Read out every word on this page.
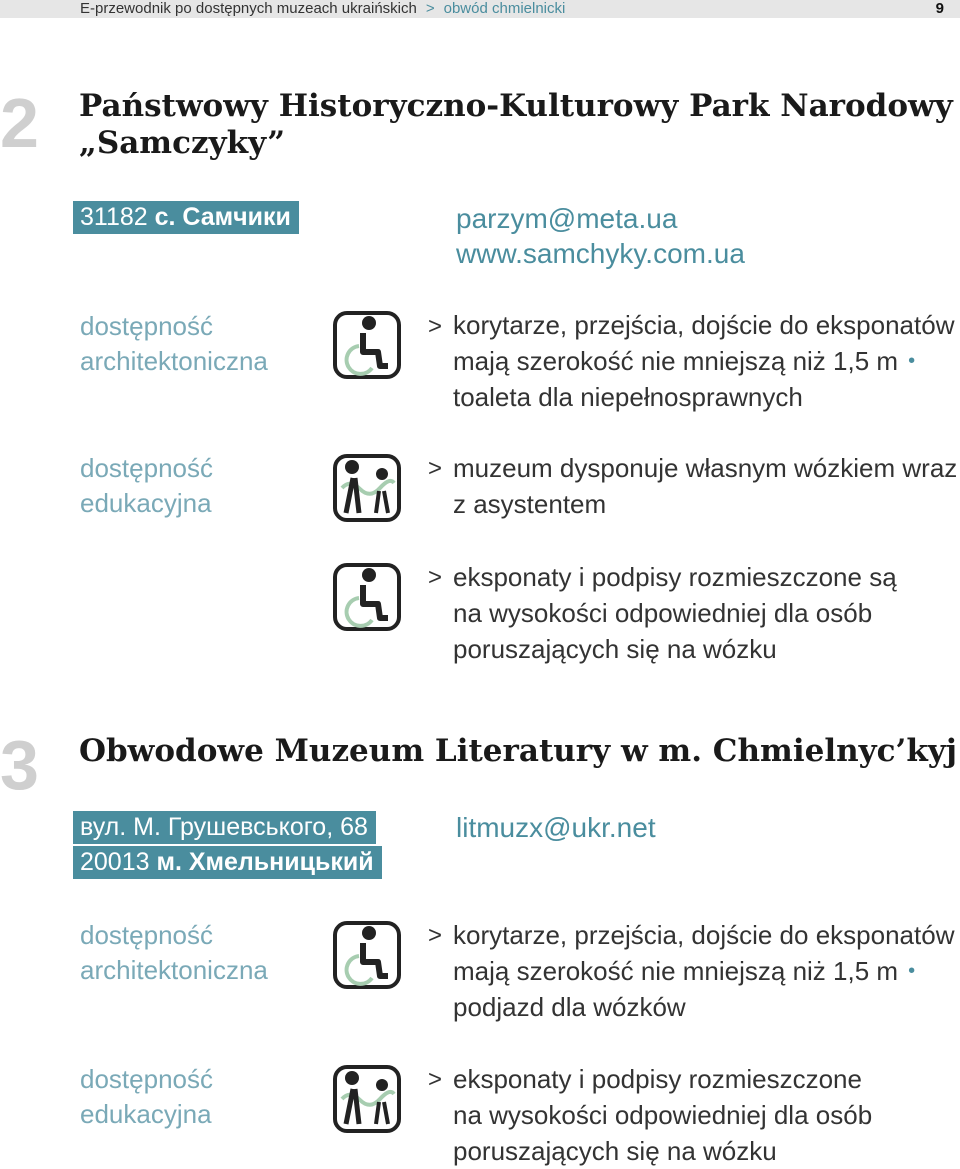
E-przewodnik po dostępnych muzeach ukraińskich > obwód chmielnicki	9
2 Państwowy Historyczno-Kulturowy Park Narodowy
„Samczyky”
31182 с. Самчики	parzym@meta.ua
www.samchyky.com.ua
dostępność
architektoniczna
> korytarze, przejścia, dojście do eksponatów
mają szerokość nie mniejszą niż 1,5 m •
toaleta dla niepełnosprawnych
dostępność
edukacyjna
> muzeum dysponuje własnym wózkiem wraz
z asystentem
> eksponaty i podpisy rozmieszczone są
na wysokości odpowiedniej dla osób
poruszających się na wózku
3 Obwodowe Muzeum Literatury w m. Chmielnyc’kyj
вул. М. Грушевського, 68
20013 м. Хмельницький
litmuzx@ukr.net
dostępność
architektoniczna
> korytarze, przejścia, dojście do eksponatów
mają szerokość nie mniejszą niż 1,5 m •
podjazd dla wózków
dostępność
edukacyjna
> eksponaty i podpisy rozmieszczone
na wysokości odpowiedniej dla osób
poruszających się na wózku
